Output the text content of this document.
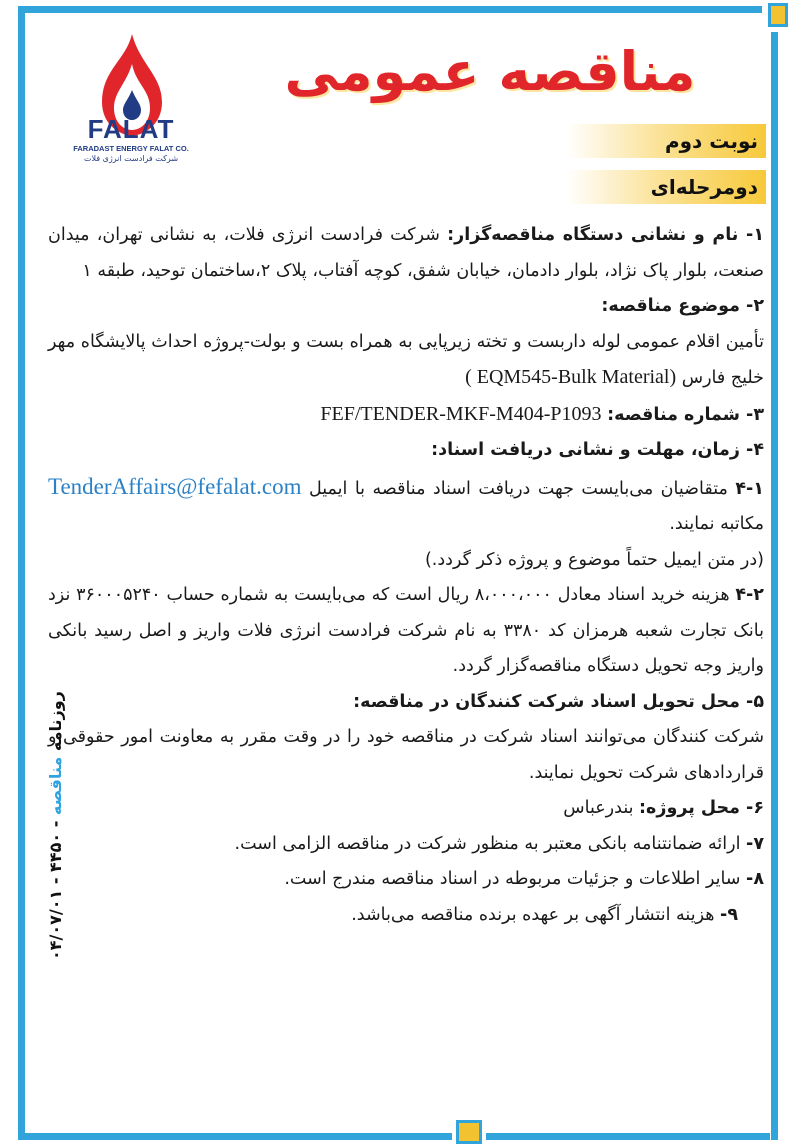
FALAT
FARADAST ENERGY FALAT CO.
شرکت فرادست انرژی فلات
مناقصه عمومی
نوبت دوم
دومرحله‌ای

۱- نام و نشانی دستگاه مناقصه‌گزار: شرکت فرادست انرژی فلات، به نشانی تهران، میدان صنعت، بلوار پاک نژاد، بلوار دادمان، خیابان شفق، کوچه آفتاب، پلاک ۲،ساختمان توحید، طبقه ۱

۲- موضوع مناقصه:

تأمین اقلام عمومی لوله داربست و تخته زیرپایی به همراه بست و بولت-پروژه احداث پالایشگاه مهر خلیج فارس ( EQM545-Bulk Material)

۳- شماره مناقصه: FEF/TENDER-MKF-M404-P1093

۴- زمان، مهلت و نشانی دریافت اسناد:

۴-۱ متقاضیان می‌بایست جهت دریافت اسناد مناقصه با ایمیل TenderAffairs@fefalat.com مکاتبه نمایند.

(در متن ایمیل حتماً موضوع و پروژه ذکر گردد.)

۴-۲ هزینه خرید اسناد معادل ۸،۰۰۰،۰۰۰ ریال است که می‌بایست به شماره حساب ۳۶۰۰۰۵۲۴۰ نزد بانک تجارت شعبه هرمزان کد ۳۳۸۰ به نام شرکت فرادست انرژی فلات واریز و اصل رسید بانکی واریز وجه تحویل دستگاه مناقصه‌گزار گردد.

۵- محل تحویل اسناد شرکت کنندگان در مناقصه:

شرکت کنندگان می‌توانند اسناد شرکت در مناقصه خود را در وقت مقرر به معاونت امور حقوقی و قراردادهای شرکت تحویل نمایند.

۶- محل پروژه: بندرعباس

۷- ارائه ضمانتنامه بانکی معتبر به منظور شرکت در مناقصه الزامی است.

۸- سایر اطلاعات و جزئیات مربوطه در اسناد مناقصه مندرج است.

۹- هزینه انتشار آگهی بر عهده برنده مناقصه می‌باشد.

روزنامه مناقصه - ۴۴۵۰ - ۰۴/۰۷/۰۱
